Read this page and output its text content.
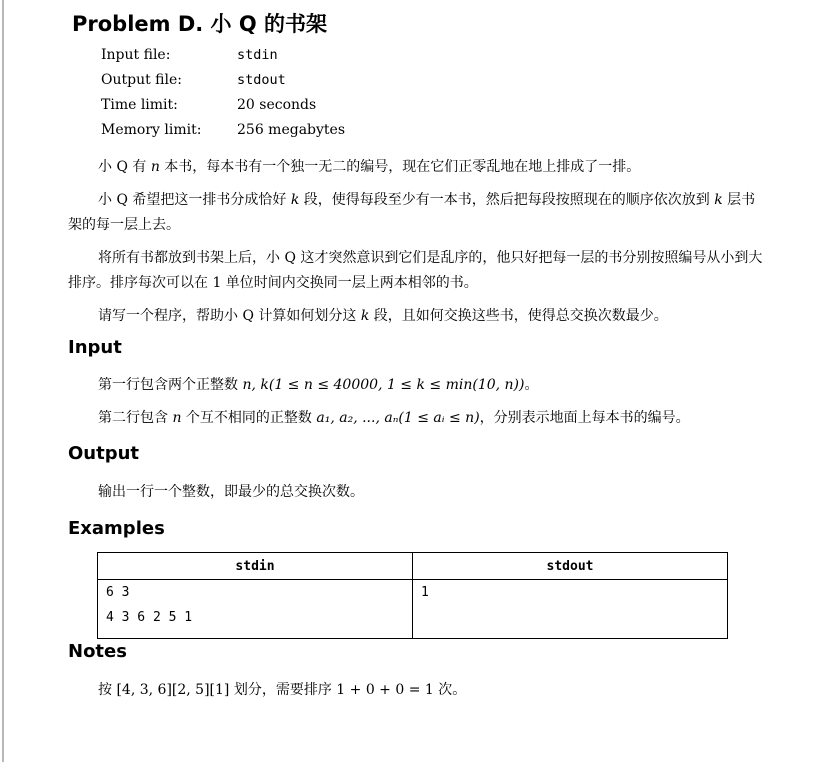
Problem D. 小 Q 的书架
Input file:	stdin
Output file:	stdout
Time limit:	20 seconds
Memory limit:	256 megabytes

小 Q 有 n 本书，每本书有一个独一无二的编号，现在它们正零乱地在地上排成了一排。

小 Q 希望把这一排书分成恰好 k 段，使得每段至少有一本书，然后把每段按照现在的顺序依次放到 k 层书架的每一层上去。

将所有书都放到书架上后，小 Q 这才突然意识到它们是乱序的，他只好把每一层的书分别按照编号从小到大排序。排序每次可以在 1 单位时间内交换同一层上两本相邻的书。

请写一个程序，帮助小 Q 计算如何划分这 k 段，且如何交换这些书，使得总交换次数最少。

Input

第一行包含两个正整数 n, k(1 ≤ n ≤ 40000, 1 ≤ k ≤ min(10, n))。

第二行包含 n 个互不相同的正整数 a₁, a₂, ..., aₙ(1 ≤ aᵢ ≤ n)，分别表示地面上每本书的编号。

Output

输出一行一个整数，即最少的总交换次数。

Examples
stdin	stdout

6 3
4 3 6 2 5 1	1
Notes

按 [4, 3, 6][2, 5][1] 划分，需要排序 1 + 0 + 0 = 1 次。
